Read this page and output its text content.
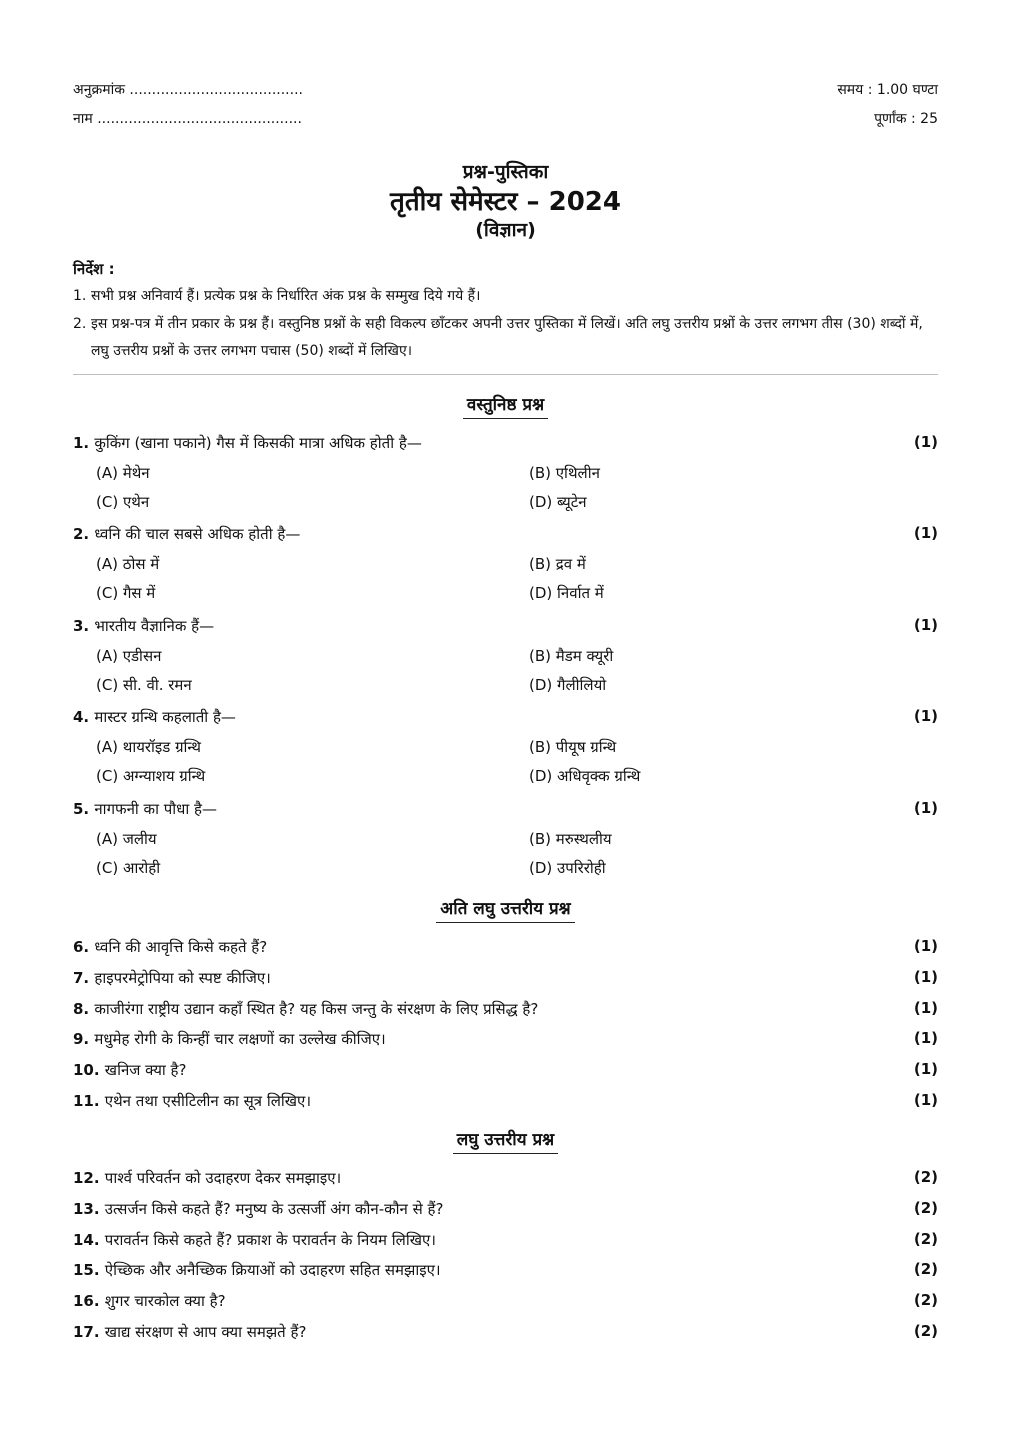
अनुक्रमांक .......................................	समय : 1.00 घण्टा
नाम ..............................................	पूर्णांक : 25
प्रश्न-पुस्तिका
तृतीय सेमेस्टर – 2024
(विज्ञान)
निर्देश :
1. सभी प्रश्न अनिवार्य हैं। प्रत्येक प्रश्न के निर्धारित अंक प्रश्न के सम्मुख दिये गये हैं।
2. इस प्रश्न-पत्र में तीन प्रकार के प्रश्न हैं। वस्तुनिष्ठ प्रश्नों के सही विकल्प छाँटकर अपनी उत्तर पुस्तिका में लिखें। अति लघु उत्तरीय प्रश्नों के उत्तर लगभग तीस (30) शब्दों में, लघु उत्तरीय प्रश्नों के उत्तर लगभग पचास (50) शब्दों में लिखिए।
वस्तुनिष्ठ प्रश्न
1. कुकिंग (खाना पकाने) गैस में किसकी मात्रा अधिक होती है—	(1)
(A) मेथेन	(B) एथिलीन
(C) एथेन	(D) ब्यूटेन
2. ध्वनि की चाल सबसे अधिक होती है—	(1)
(A) ठोस में	(B) द्रव में
(C) गैस में	(D) निर्वात में
3. भारतीय वैज्ञानिक हैं—	(1)
(A) एडीसन	(B) मैडम क्यूरी
(C) सी. वी. रमन	(D) गैलीलियो
4. मास्टर ग्रन्थि कहलाती है—	(1)
(A) थायरॉइड ग्रन्थि	(B) पीयूष ग्रन्थि
(C) अग्न्याशय ग्रन्थि	(D) अधिवृक्क ग्रन्थि
5. नागफनी का पौधा है—	(1)
(A) जलीय	(B) मरुस्थलीय
(C) आरोही	(D) उपरिरोही
अति लघु उत्तरीय प्रश्न
6. ध्वनि की आवृत्ति किसे कहते हैं?	(1)
7. हाइपरमेट्रोपिया को स्पष्ट कीजिए।	(1)
8. काजीरंगा राष्ट्रीय उद्यान कहाँ स्थित है? यह किस जन्तु के संरक्षण के लिए प्रसिद्ध है?	(1)
9. मधुमेह रोगी के किन्हीं चार लक्षणों का उल्लेख कीजिए।	(1)
10. खनिज क्या है?	(1)
11. एथेन तथा एसीटिलीन का सूत्र लिखिए।	(1)
लघु उत्तरीय प्रश्न
12. पार्श्व परिवर्तन को उदाहरण देकर समझाइए।	(2)
13. उत्सर्जन किसे कहते हैं? मनुष्य के उत्सर्जी अंग कौन-कौन से हैं?	(2)
14. परावर्तन किसे कहते हैं? प्रकाश के परावर्तन के नियम लिखिए।	(2)
15. ऐच्छिक और अनैच्छिक क्रियाओं को उदाहरण सहित समझाइए।	(2)
16. शुगर चारकोल क्या है?	(2)
17. खाद्य संरक्षण से आप क्या समझते हैं?	(2)
